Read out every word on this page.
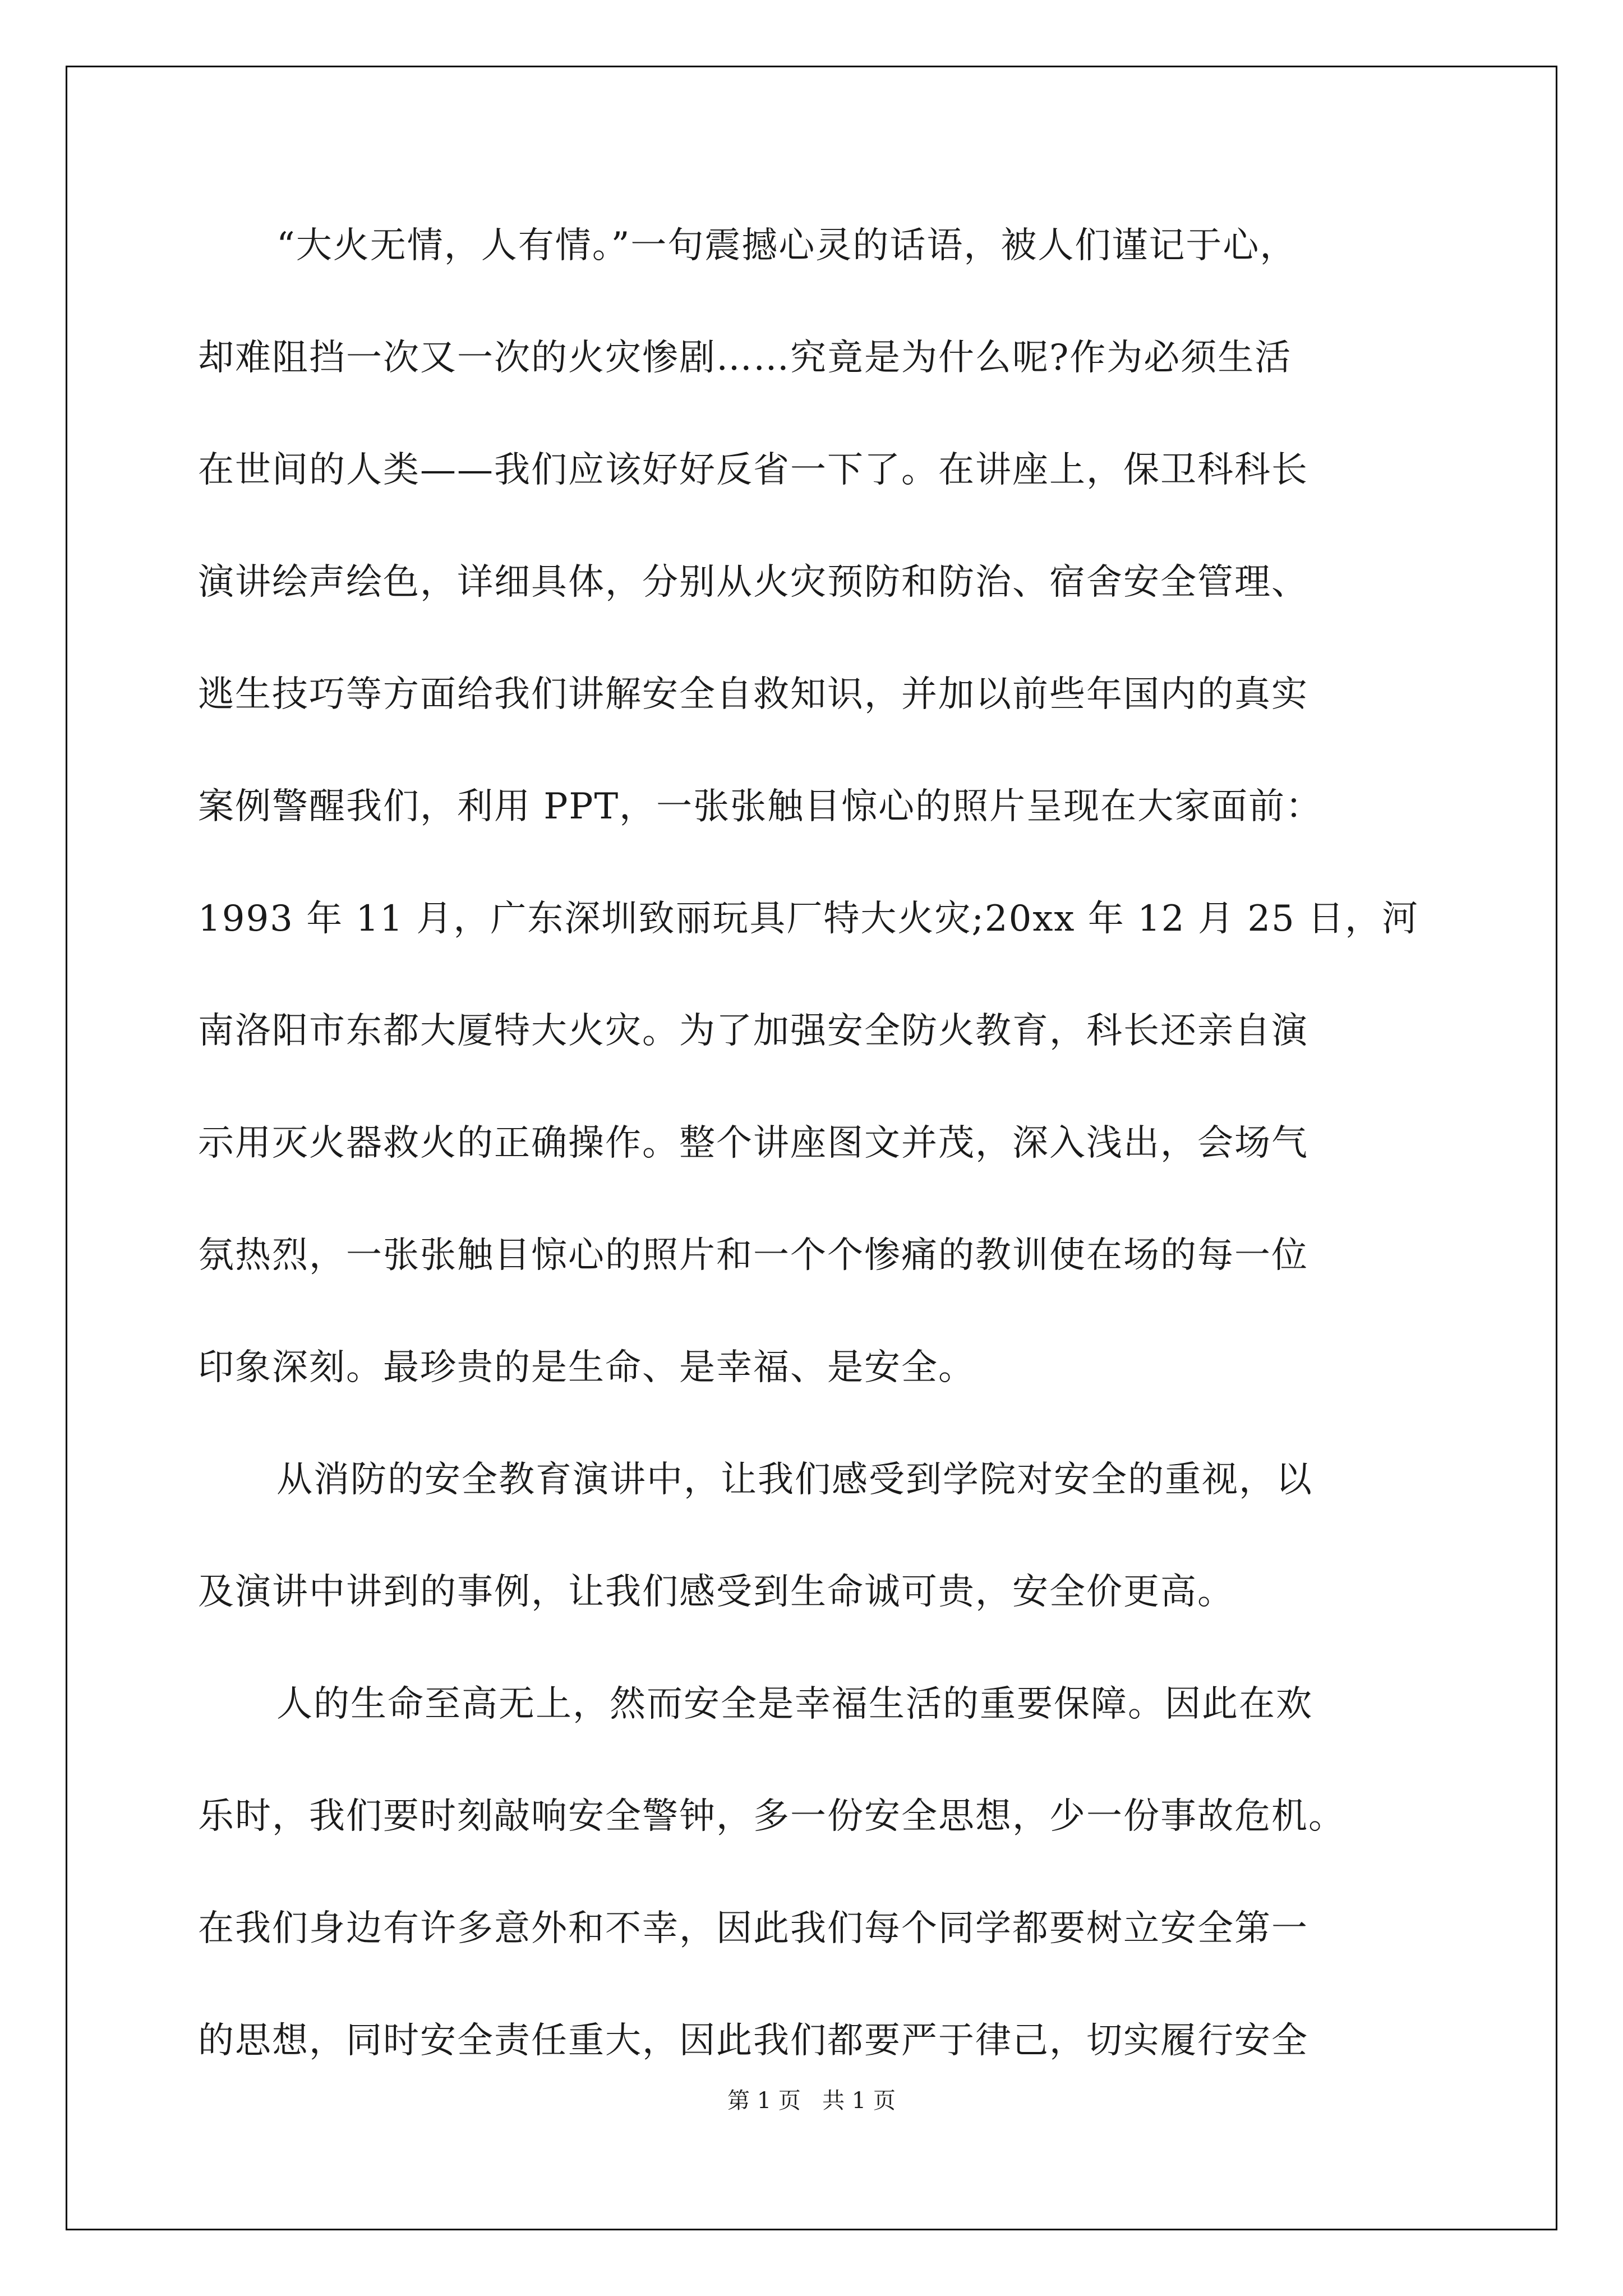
“大火无情，人有情。”一句震撼心灵的话语，被人们谨记于心，
却难阻挡一次又一次的火灾惨剧……究竟是为什么呢?作为必须生活
在世间的人类——我们应该好好反省一下了。在讲座上，保卫科科长
演讲绘声绘色，详细具体，分别从火灾预防和防治、宿舍安全管理、
逃生技巧等方面给我们讲解安全自救知识，并加以前些年国内的真实
案例警醒我们，利用 PPT，一张张触目惊心的照片呈现在大家面前：
1993 年 11 月，广东深圳致丽玩具厂特大火灾;20xx 年 12 月 25 日，河
南洛阳市东都大厦特大火灾。为了加强安全防火教育，科长还亲自演
示用灭火器救火的正确操作。整个讲座图文并茂，深入浅出，会场气
氛热烈，一张张触目惊心的照片和一个个惨痛的教训使在场的每一位
印象深刻。最珍贵的是生命、是幸福、是安全。
从消防的安全教育演讲中，让我们感受到学院对安全的重视，以
及演讲中讲到的事例，让我们感受到生命诚可贵，安全价更高。
人的生命至高无上，然而安全是幸福生活的重要保障。因此在欢
乐时，我们要时刻敲响安全警钟，多一份安全思想，少一份事故危机。
在我们身边有许多意外和不幸，因此我们每个同学都要树立安全第一
的思想，同时安全责任重大，因此我们都要严于律己，切实履行安全
第 1 页   共 1 页
